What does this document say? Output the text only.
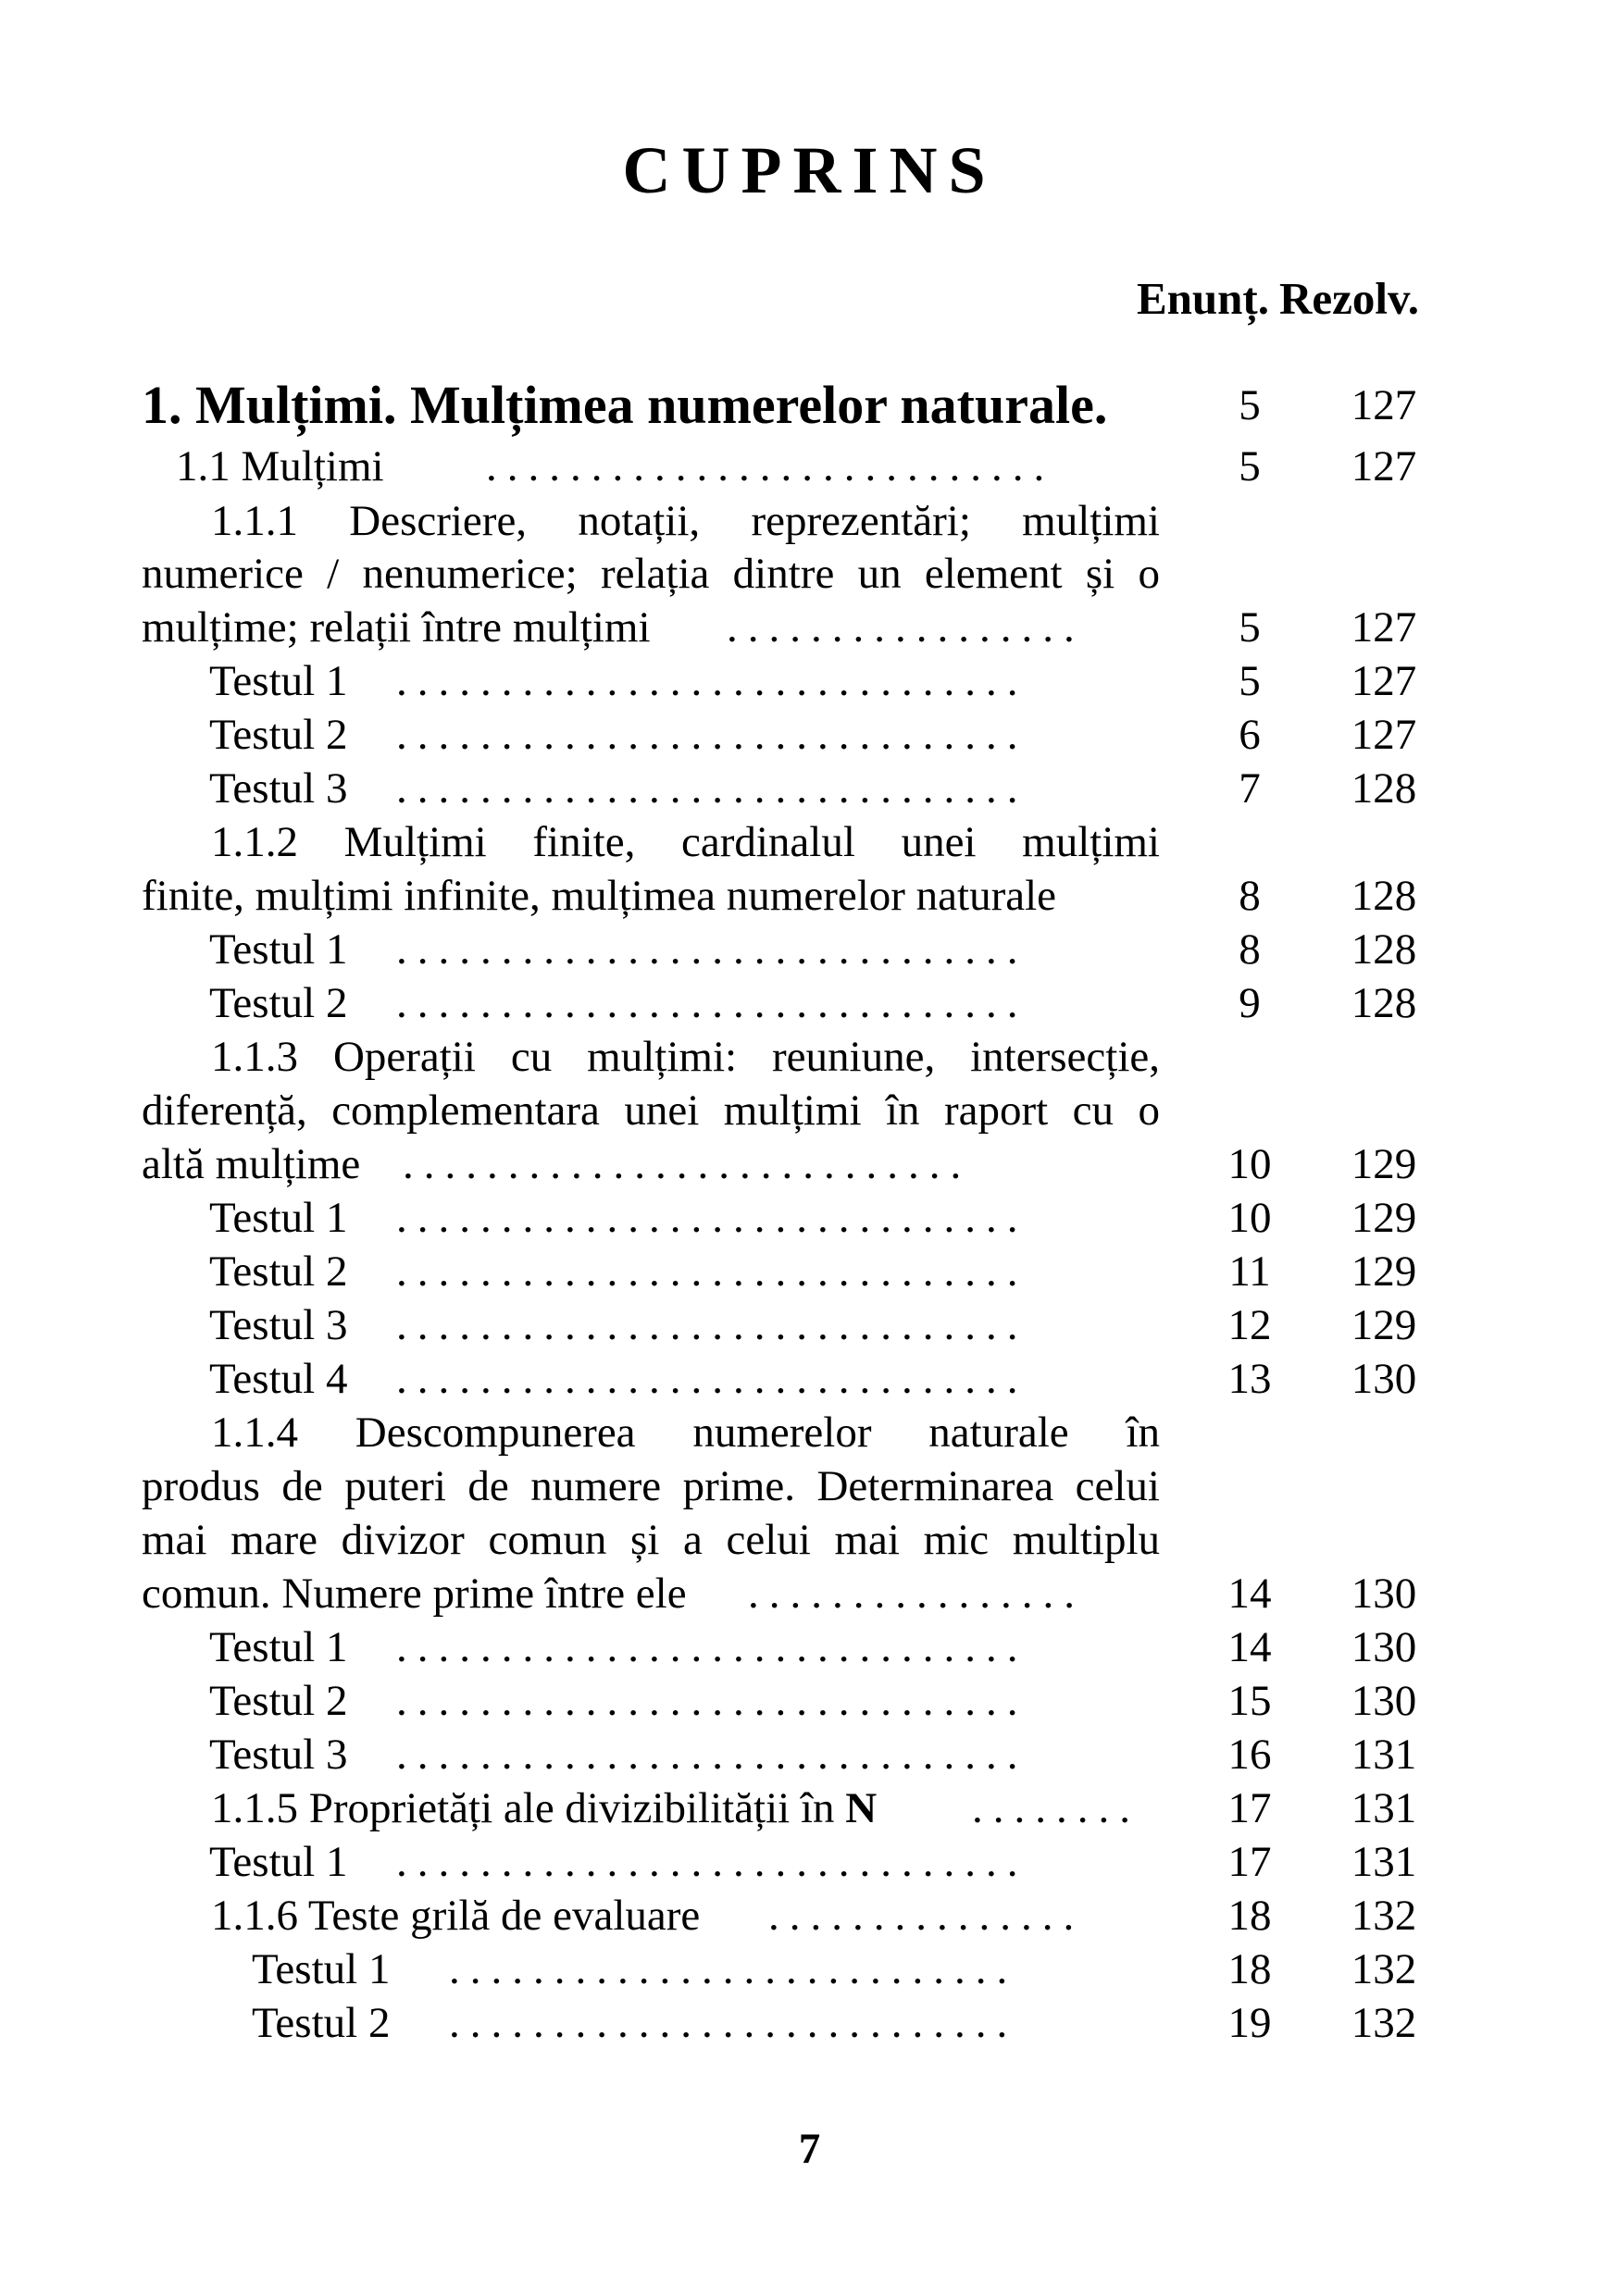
CUPRINS
Enunț. Rezolv.
1. Mulțimi. Mulțimea numerelor naturale.	5	127
1.1 Mulțimi ...........................	5	127
1.1.1 Descriere, notații, reprezentări; mulțimi
numerice / nenumerice; relația dintre un element și o
mulțime; relații între mulțimi .................	5	127
Testul 1 ..............................	5	127
Testul 2 ..............................	6	127
Testul 3 ..............................	7	128
1.1.2 Mulțimi finite, cardinalul unei mulțimi
finite, mulțimi infinite, mulțimea numerelor naturale	8	128
Testul 1 ..............................	8	128
Testul 2 ..............................	9	128
1.1.3 Operații cu mulțimi: reuniune, intersecție,
diferență, complementara unei mulțimi în raport cu o
altă mulțime ...........................	10	129
Testul 1 ..............................	10	129
Testul 2 ..............................	11	129
Testul 3 ..............................	12	129
Testul 4 ..............................	13	130
1.1.4 Descompunerea numerelor naturale în
produs de puteri de numere prime. Determinarea celui
mai mare divizor comun și a celui mai mic multiplu
comun. Numere prime între ele ................	14	130
Testul 1 ..............................	14	130
Testul 2 ..............................	15	130
Testul 3 ..............................	16	131
1.1.5 Proprietăți ale divizibilității în N ........	17	131
Testul 1 ..............................	17	131
1.1.6 Teste grilă de evaluare ...............	18	132
Testul 1 ...........................	18	132
Testul 2 ...........................	19	132
7
